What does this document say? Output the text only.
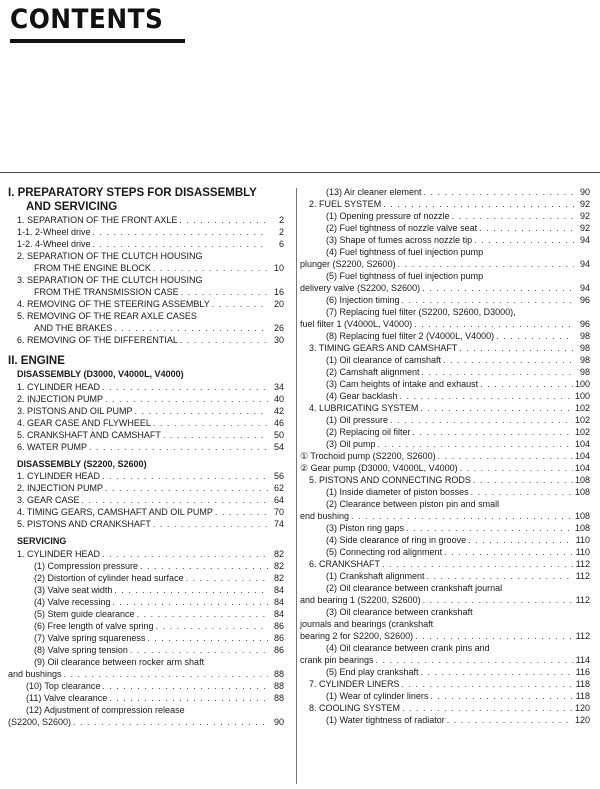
CONTENTS
I. PREPARATORY STEPS FOR DISASSEMBLY
AND SERVICING
1. SEPARATION OF THE FRONT AXLE . . .	2
1-1. 2-Wheel drive . . .	2
1-2. 4-Wheel drive . . .	6
2. SEPARATION OF THE CLUTCH HOUSING
FROM THE ENGINE BLOCK . . .	10
3. SEPARATION OF THE CLUTCH HOUSING
FROM THE TRANSMISSION CASE . . .	16
4. REMOVING OF THE STEERING ASSEMBLY . . .	20
5. REMOVING OF THE REAR AXLE CASES
AND THE BRAKES . . .	26
6. REMOVING OF THE DIFFERENTIAL . . .	30
II. ENGINE
DISASSEMBLY (D3000, V4000L, V4000)
1. CYLINDER HEAD . . .	34
2. INJECTION PUMP . . .	40
3. PISTONS AND OIL PUMP . . .	42
4. GEAR CASE AND FLYWHEEL . . .	46
5. CRANKSHAFT AND CAMSHAFT . . .	50
6. WATER PUMP . . .	54
DISASSEMBLY (S2200, S2600)
1. CYLINDER HEAD . . .	56
2. INJECTION PUMP . . .	62
3. GEAR CASE . . .	64
4. TIMING GEARS, CAMSHAFT AND OIL PUMP . . .	70
5. PISTONS AND CRANKSHAFT . . .	74
SERVICING
1. CYLINDER HEAD . . .	82
(1) Compression pressure . . .	82
(2) Distortion of cylinder head surface . . .	82
(3) Valve seat width . . .	84
(4) Valve recessing . . .	84
(5) Stem guide clearance . . .	84
(6) Free length of valve spring . . .	86
(7) Valve spring squareness . . .	86
(8) Valve spring tension . . .	86
(9) Oil clearance between rocker arm shaft
and bushings . . .	88
(10) Top clearance . . .	88
(11) Valve clearance . . .	88
(12) Adjustment of compression release
(S2200, S2600) . . .	90
(13) Air cleaner element . . .	90
2. FUEL SYSTEM . . .	92
(1) Opening pressure of nozzle . . .	92
(2) Fuel tightness of nozzle valve seat . . .	92
(3) Shape of fumes across nozzle tip . . .	94
(4) Fuel tightness of fuel injection pump
plunger (S2200, S2600) . . .	94
(5) Fuel tightness of fuel injection pump
delivery valve (S2200, S2600) . . .	94
(6) Injection timing . . .	96
(7) Replacing fuel filter (S2200, S2600, D3000),
fuel filter 1 (V4000L, V4000) . . .	96
(8) Replacing fuel filter 2 (V4000L, V4000) . . .	98
3. TIMING GEARS AND CAMSHAFT . . .	98
(1) Oil clearance of camshaft . . .	98
(2) Camshaft alignment . . .	98
(3) Cam heights of intake and exhaust . . .	100
(4) Gear backlash . . .	100
4. LUBRICATING SYSTEM . . .	102
(1) Oil pressure . . .	102
(2) Replacing oil filter . . .	102
(3) Oil pump . . .	104
① Trochoid pump (S2200, S2600) . . .	104
② Gear pump (D3000, V4000L, V4000) . . .	104
5. PISTONS AND CONNECTING RODS . . .	108
(1) Inside diameter of piston bosses . . .	108
(2) Clearance between piston pin and small
end bushing . . .	108
(3) Piston ring gaps . . .	108
(4) Side clearance of ring in groove . . .	110
(5) Connecting rod alignment . . .	110
6. CRANKSHAFT . . .	112
(1) Crankshaft alignment . . .	112
(2) Oil clearance between crankshaft journal
and bearing 1 (S2200, S2600) . . .	112
(3) Oil clearance between crankshaft
journals and bearings (crankshaft
bearing 2 for S2200, S2600) . . .	112
(4) Oil clearance between crank pins and
crank pin bearings . . .	114
(5) End play crankshaft . . .	116
7. CYLINDER LINERS . . .	118
(1) Wear of cylinder liners . . .	118
8. COOLING SYSTEM . . .	120
(1) Water tightness of radiator . . .	120
